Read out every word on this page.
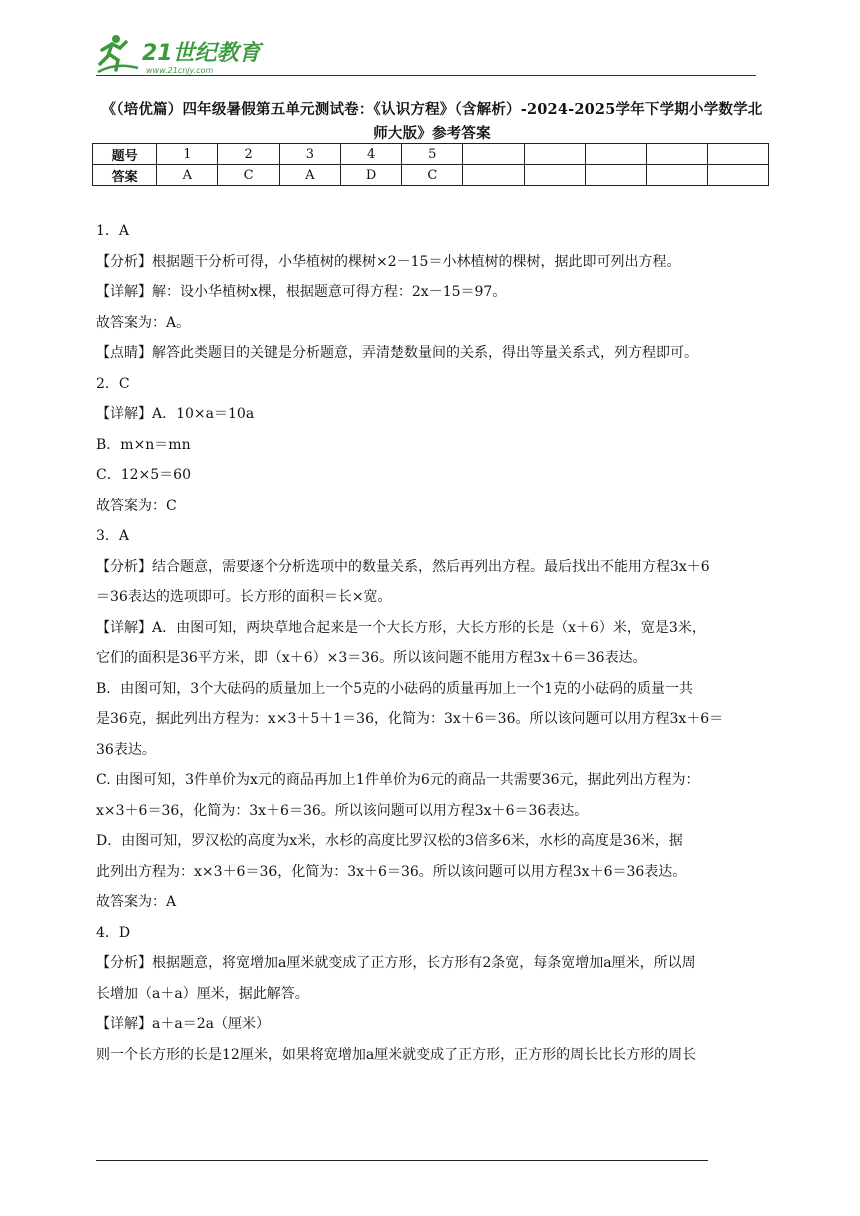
21世纪教育
www.21cnjy.com
《（培优篇）四年级暑假第五单元测试卷：《认识方程》（含解析）-2024-2025学年下学期小学数学北师大版》参考答案
题号	1	2	3	4	5					
答案	A	C	A	D	C					

1．A

【分析】根据题干分析可得，小华植树的棵树×2－15＝小林植树的棵树，据此即可列出方程。

【详解】解：设小华植树x棵，根据题意可得方程：2x－15＝97。

故答案为：A。

【点睛】解答此类题目的关键是分析题意，弄清楚数量间的关系，得出等量关系式，列方程即可。

2．C

【详解】A．10×a＝10a

B．m×n＝mn

C．12×5＝60

故答案为：C

3．A

【分析】结合题意，需要逐个分析选项中的数量关系，然后再列出方程。最后找出不能用方程3x＋6

＝36表达的选项即可。长方形的面积＝长×宽。

【详解】A．由图可知，两块草地合起来是一个大长方形，大长方形的长是（x＋6）米，宽是3米，

它们的面积是36平方米，即（x＋6）×3＝36。所以该问题不能用方程3x＋6＝36表达。

B．由图可知，3个大砝码的质量加上一个5克的小砝码的质量再加上一个1克的小砝码的质量一共

是36克，据此列出方程为：x×3＋5＋1＝36，化简为：3x＋6＝36。所以该问题可以用方程3x＋6＝

36表达。

C. 由图可知，3件单价为x元的商品再加上1件单价为6元的商品一共需要36元，据此列出方程为：

x×3＋6＝36，化简为：3x＋6＝36。所以该问题可以用方程3x＋6＝36表达。

D．由图可知，罗汉松的高度为x米，水杉的高度比罗汉松的3倍多6米，水杉的高度是36米，据

此列出方程为：x×3＋6＝36，化简为：3x＋6＝36。所以该问题可以用方程3x＋6＝36表达。

故答案为：A

4．D

【分析】根据题意，将宽增加a厘米就变成了正方形，长方形有2条宽，每条宽增加a厘米，所以周

长增加（a＋a）厘米，据此解答。

【详解】a＋a＝2a（厘米）

则一个长方形的长是12厘米，如果将宽增加a厘米就变成了正方形，正方形的周长比长方形的周长
